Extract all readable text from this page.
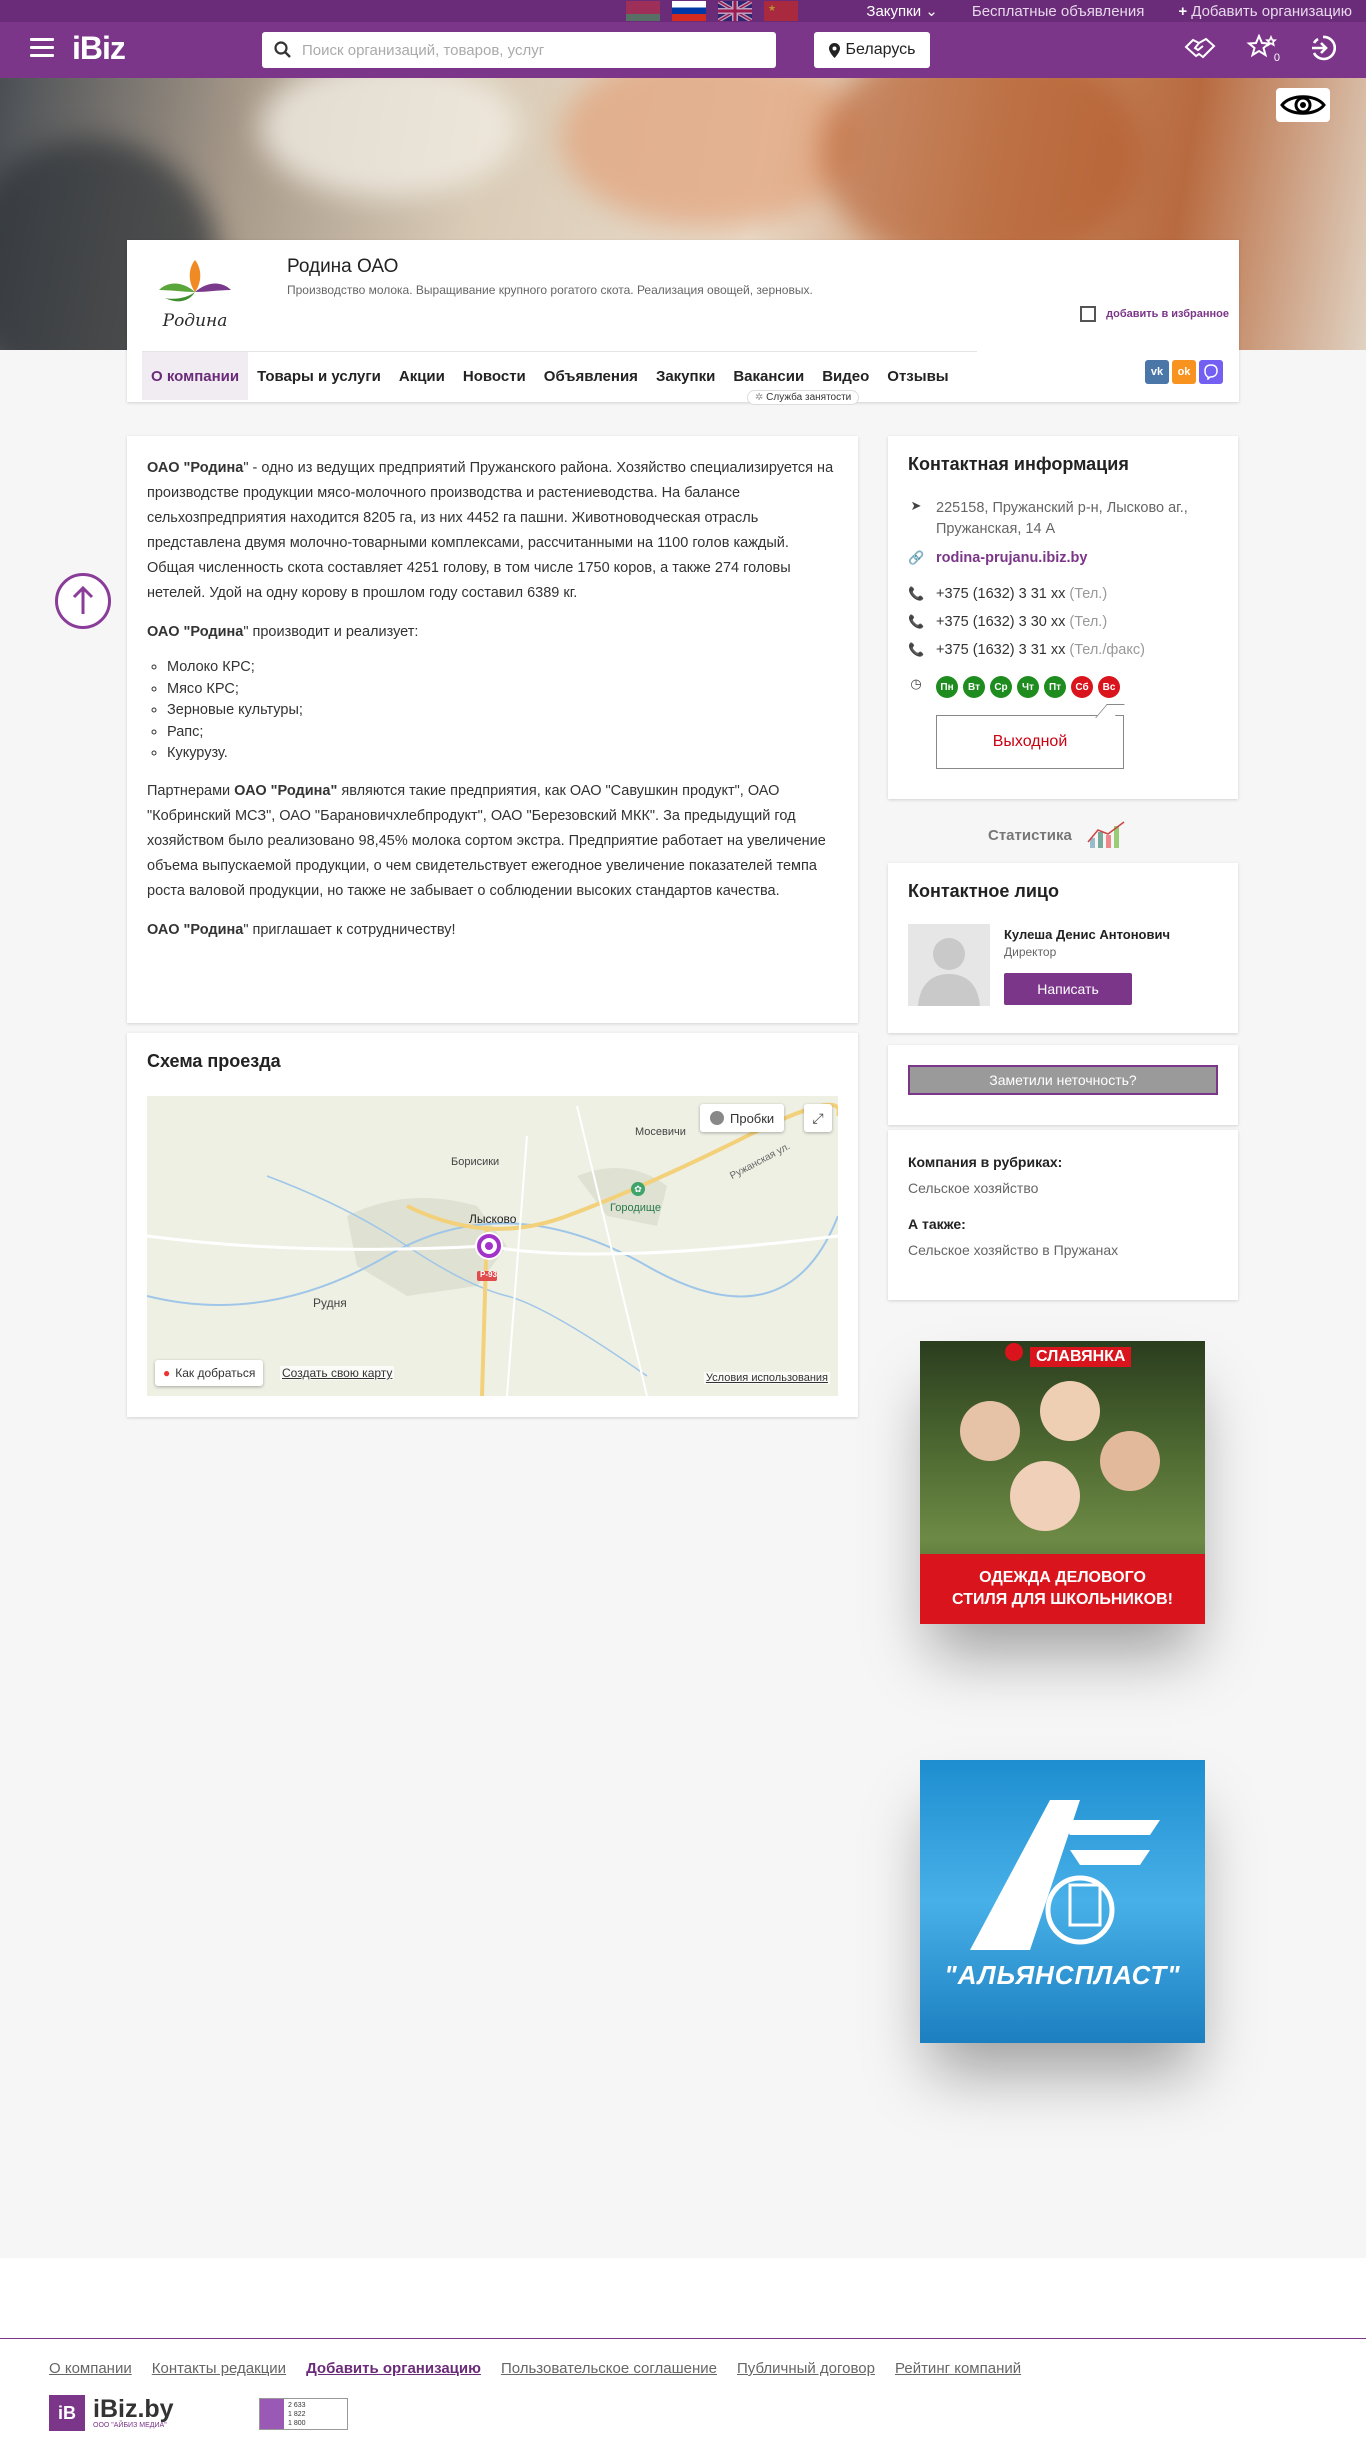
★	Закупки ⌄ Бесплатные объявления + Добавить организацию
iBiz
Поиск организаций, товаров, услуг	Беларусь	0
Родина
Родина ОАО
Производство молока. Выращивание крупного рогатого скота. Реализация овощей, зерновых.
добавить в избранное
О компании	Товары и услуги	Акции	Новости	Объявления	Закупки	Вакансии	Видео	Отзывы
✲ Служба занятости
vk	ok

ОАО "Родина" - одно из ведущих предприятий Пружанского района. Хозяйство специализируется на производстве продукции мясо-молочного производства и растениеводства. На балансе сельхозпредприятия находится 8205 га, из них 4452 га пашни. Животноводческая отрасль представлена двумя молочно-товарными комплексами, рассчитанными на 1100 голов каждый. Общая численность скота составляет 4251 голову, в том числе 1750 коров, а также 274 головы нетелей. Удой на одну корову в прошлом году составил 6389 кг.

ОАО "Родина" производит и реализует:

◦ Молоко КРС;
◦ Мясо КРС;
◦ Зерновые культуры;
◦ Рапс;
◦ Кукурузу.

Партнерами ОАО "Родина" являются такие предприятия, как ОАО "Савушкин продукт", ОАО "Кобринский МСЗ", ОАО "Барановичхлебпродукт", ОАО "Березовский МКК". За предыдущий год хозяйством было реализовано 98,45% молока сортом экстра. Предприятие работает на увеличение объема выпускаемой продукции, о чем свидетельствует ежегодное увеличение показателей темпа роста валовой продукции, но также не забывает о соблюдении высоких стандартов качества.

ОАО "Родина" приглашает к сотрудничеству!

Схема проезда
Мосевичи
Борисики
Городище
Лысково
Рудня
Ружанская ул.
Р-93
✿
Пробки	⤢
● Как добраться Создать свою карту	Условия использования
Контактная информация
➤ 225158, Пружанский р-н, Лысково аг., Пружанская, 14 А
🔗 rodina-prujanu.ibiz.by
📞 +375 (1632) 3 31 xx (Тел.)
📞 +375 (1632) 3 30 xx (Тел.)
📞 +375 (1632) 3 31 xx (Тел./факс)
◷	Пн	Вт	Ср	Чт	Пт	Сб	Вс
Выходной
Статистика
Контактное лицо
Кулеша Денис Антонович
Директор
Написать
Заметили неточность?
Компания в рубриках:
Сельское хозяйство
А также:
Сельское хозяйство в Пружанах
СЛАВЯНКА
ОДЕЖДА ДЕЛОВОГО СТИЛЯ ДЛЯ ШКОЛЬНИКОВ!
"АЛЬЯНСПЛАСТ"
О компании Контакты редакции Добавить организацию Пользовательское соглашение Публичный договор Рейтинг компаний
iB iBiz.by
ООО "АЙБИЗ МЕДИА"
2 633
1 822
1 800
